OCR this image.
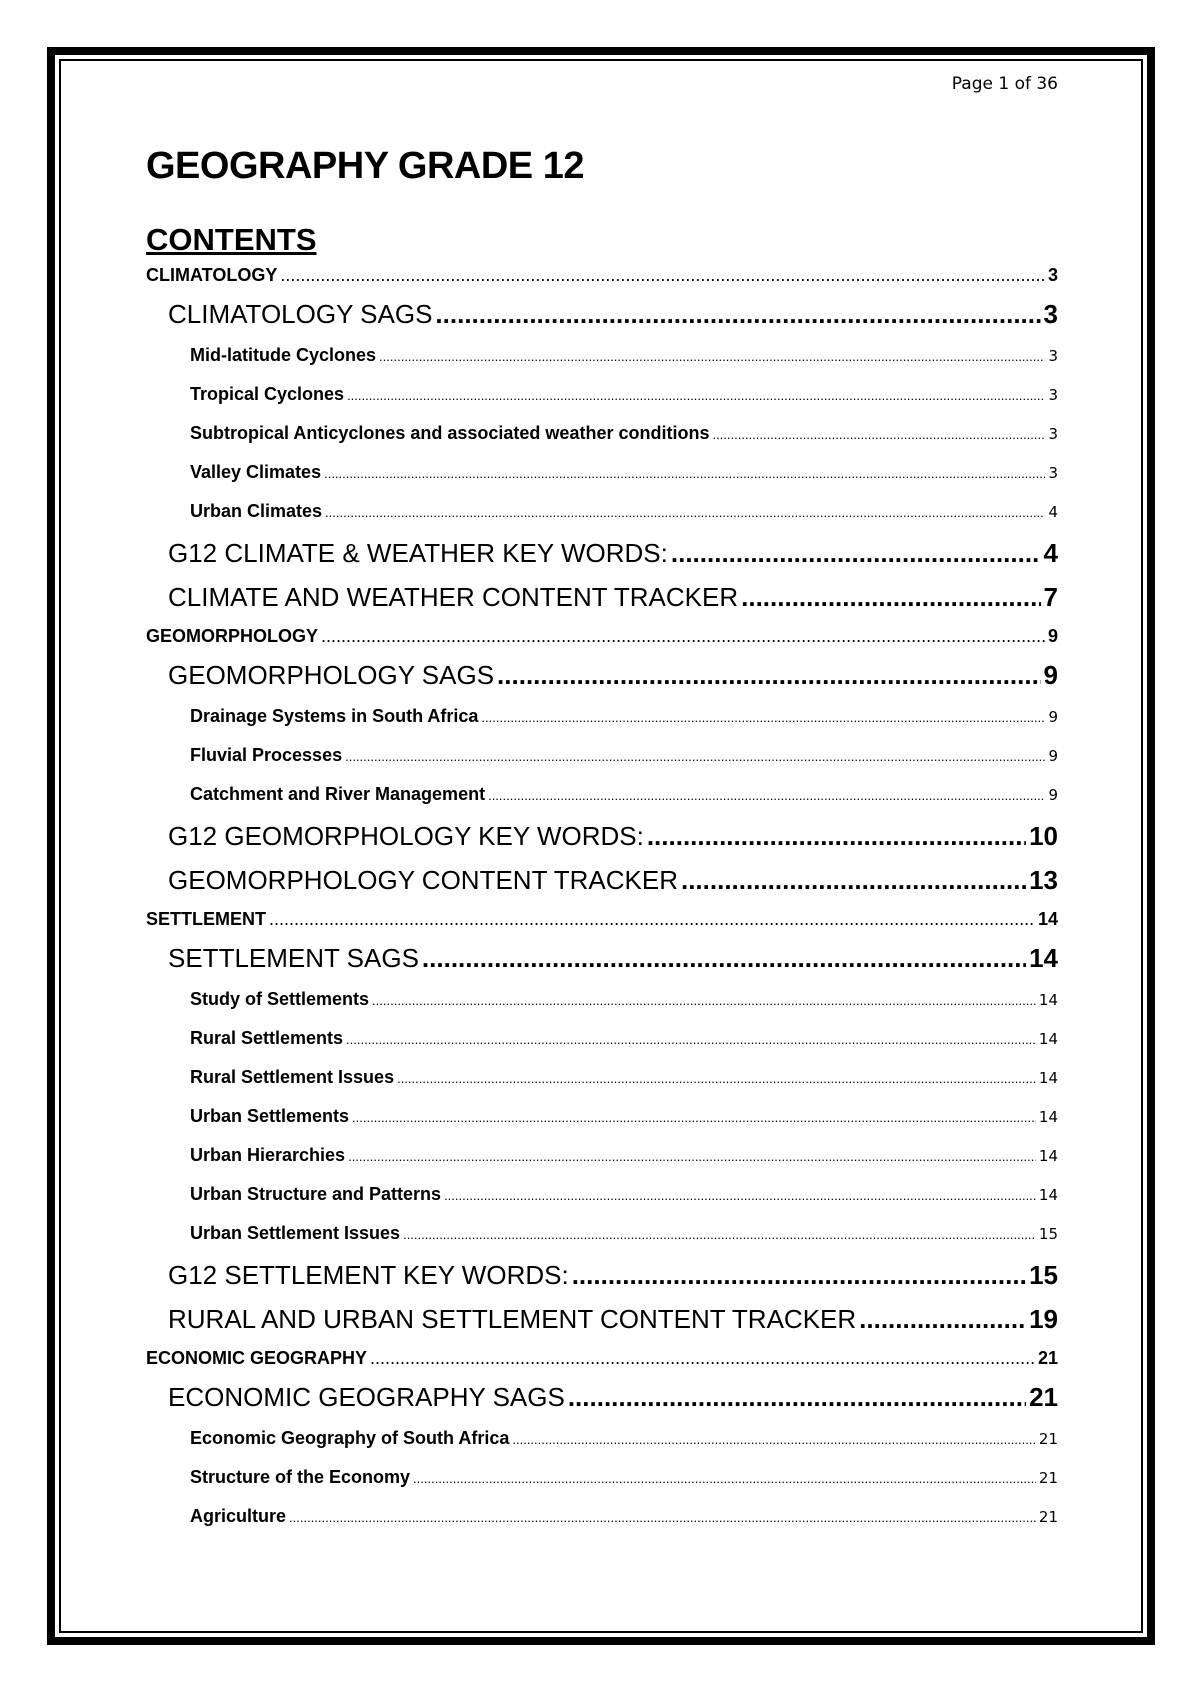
Page 1 of 36
GEOGRAPHY GRADE 12
CONTENTS
CLIMATOLOGY .....	3
CLIMATOLOGY SAGS .....	3
Mid-latitude Cyclones .....	3
Tropical Cyclones .....	3
Subtropical Anticyclones and associated weather conditions .....	3
Valley Climates .....	3
Urban Climates .....	4
G12 CLIMATE & WEATHER KEY WORDS: .....	4
CLIMATE AND WEATHER CONTENT TRACKER .....	7
GEOMORPHOLOGY .....	9
GEOMORPHOLOGY SAGS .....	9
Drainage Systems in South Africa .....	9
Fluvial Processes .....	9
Catchment and River Management .....	9
G12 GEOMORPHOLOGY KEY WORDS: .....	10
GEOMORPHOLOGY CONTENT TRACKER .....	13
SETTLEMENT .....	14
SETTLEMENT SAGS .....	14
Study of Settlements .....	14
Rural Settlements .....	14
Rural Settlement Issues .....	14
Urban Settlements .....	14
Urban Hierarchies .....	14
Urban Structure and Patterns .....	14
Urban Settlement Issues .....	15
G12 SETTLEMENT KEY WORDS: .....	15
RURAL AND URBAN SETTLEMENT CONTENT TRACKER .....	19
ECONOMIC GEOGRAPHY .....	21
ECONOMIC GEOGRAPHY SAGS .....	21
Economic Geography of South Africa .....	21
Structure of the Economy .....	21
Agriculture .....	21
